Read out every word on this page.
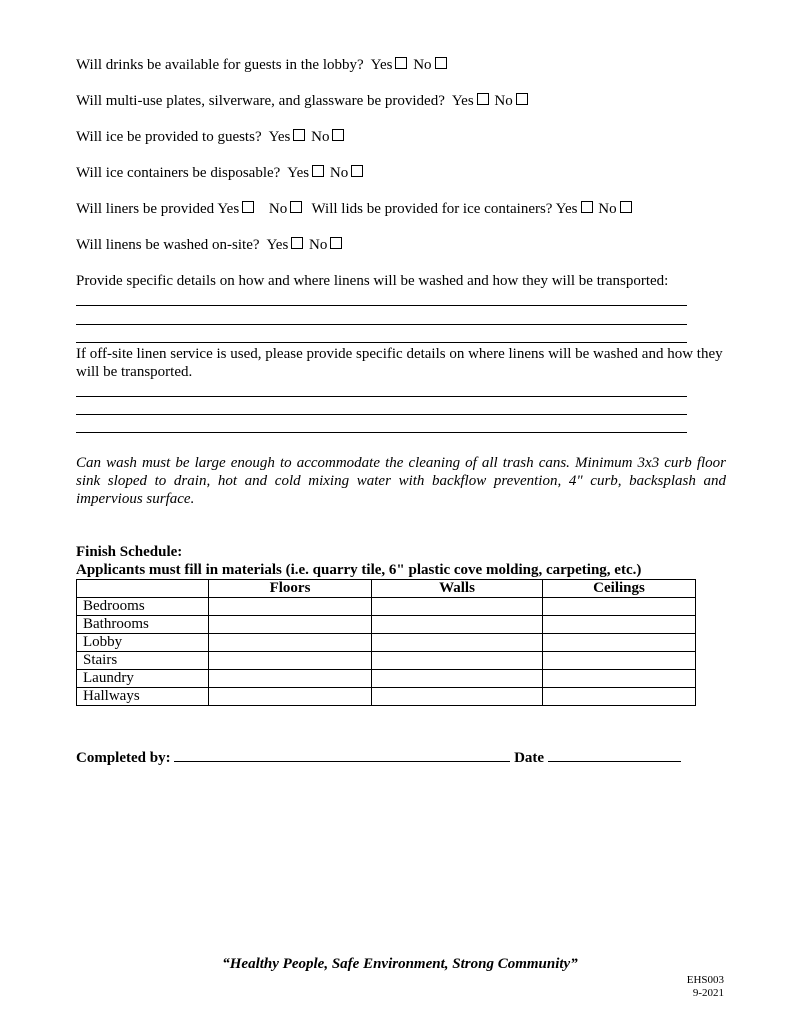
Will drinks be available for guests in the lobby? Yes No
Will multi-use plates, silverware, and glassware be provided? Yes No
Will ice be provided to guests? Yes No
Will ice containers be disposable? Yes No
Will liners be provided Yes No Will lids be provided for ice containers? Yes No
Will linens be washed on-site? Yes No
Provide specific details on how and where linens will be washed and how they will be transported:
If off-site linen service is used, please provide specific details on where linens will be washed and how they will be transported.
Can wash must be large enough to accommodate the cleaning of all trash cans. Minimum 3x3 curb floor sink sloped to drain, hot and cold mixing water with backflow prevention, 4" curb, backsplash and impervious surface.
Finish Schedule:
Applicants must fill in materials (i.e. quarry tile, 6" plastic cove molding, carpeting, etc.)
	Floors	Walls	Ceilings
Bedrooms			
Bathrooms			
Lobby			
Stairs			
Laundry			
Hallways			
Completed by:	Date
“Healthy People, Safe Environment, Strong Community”
EHS003
9-2021
